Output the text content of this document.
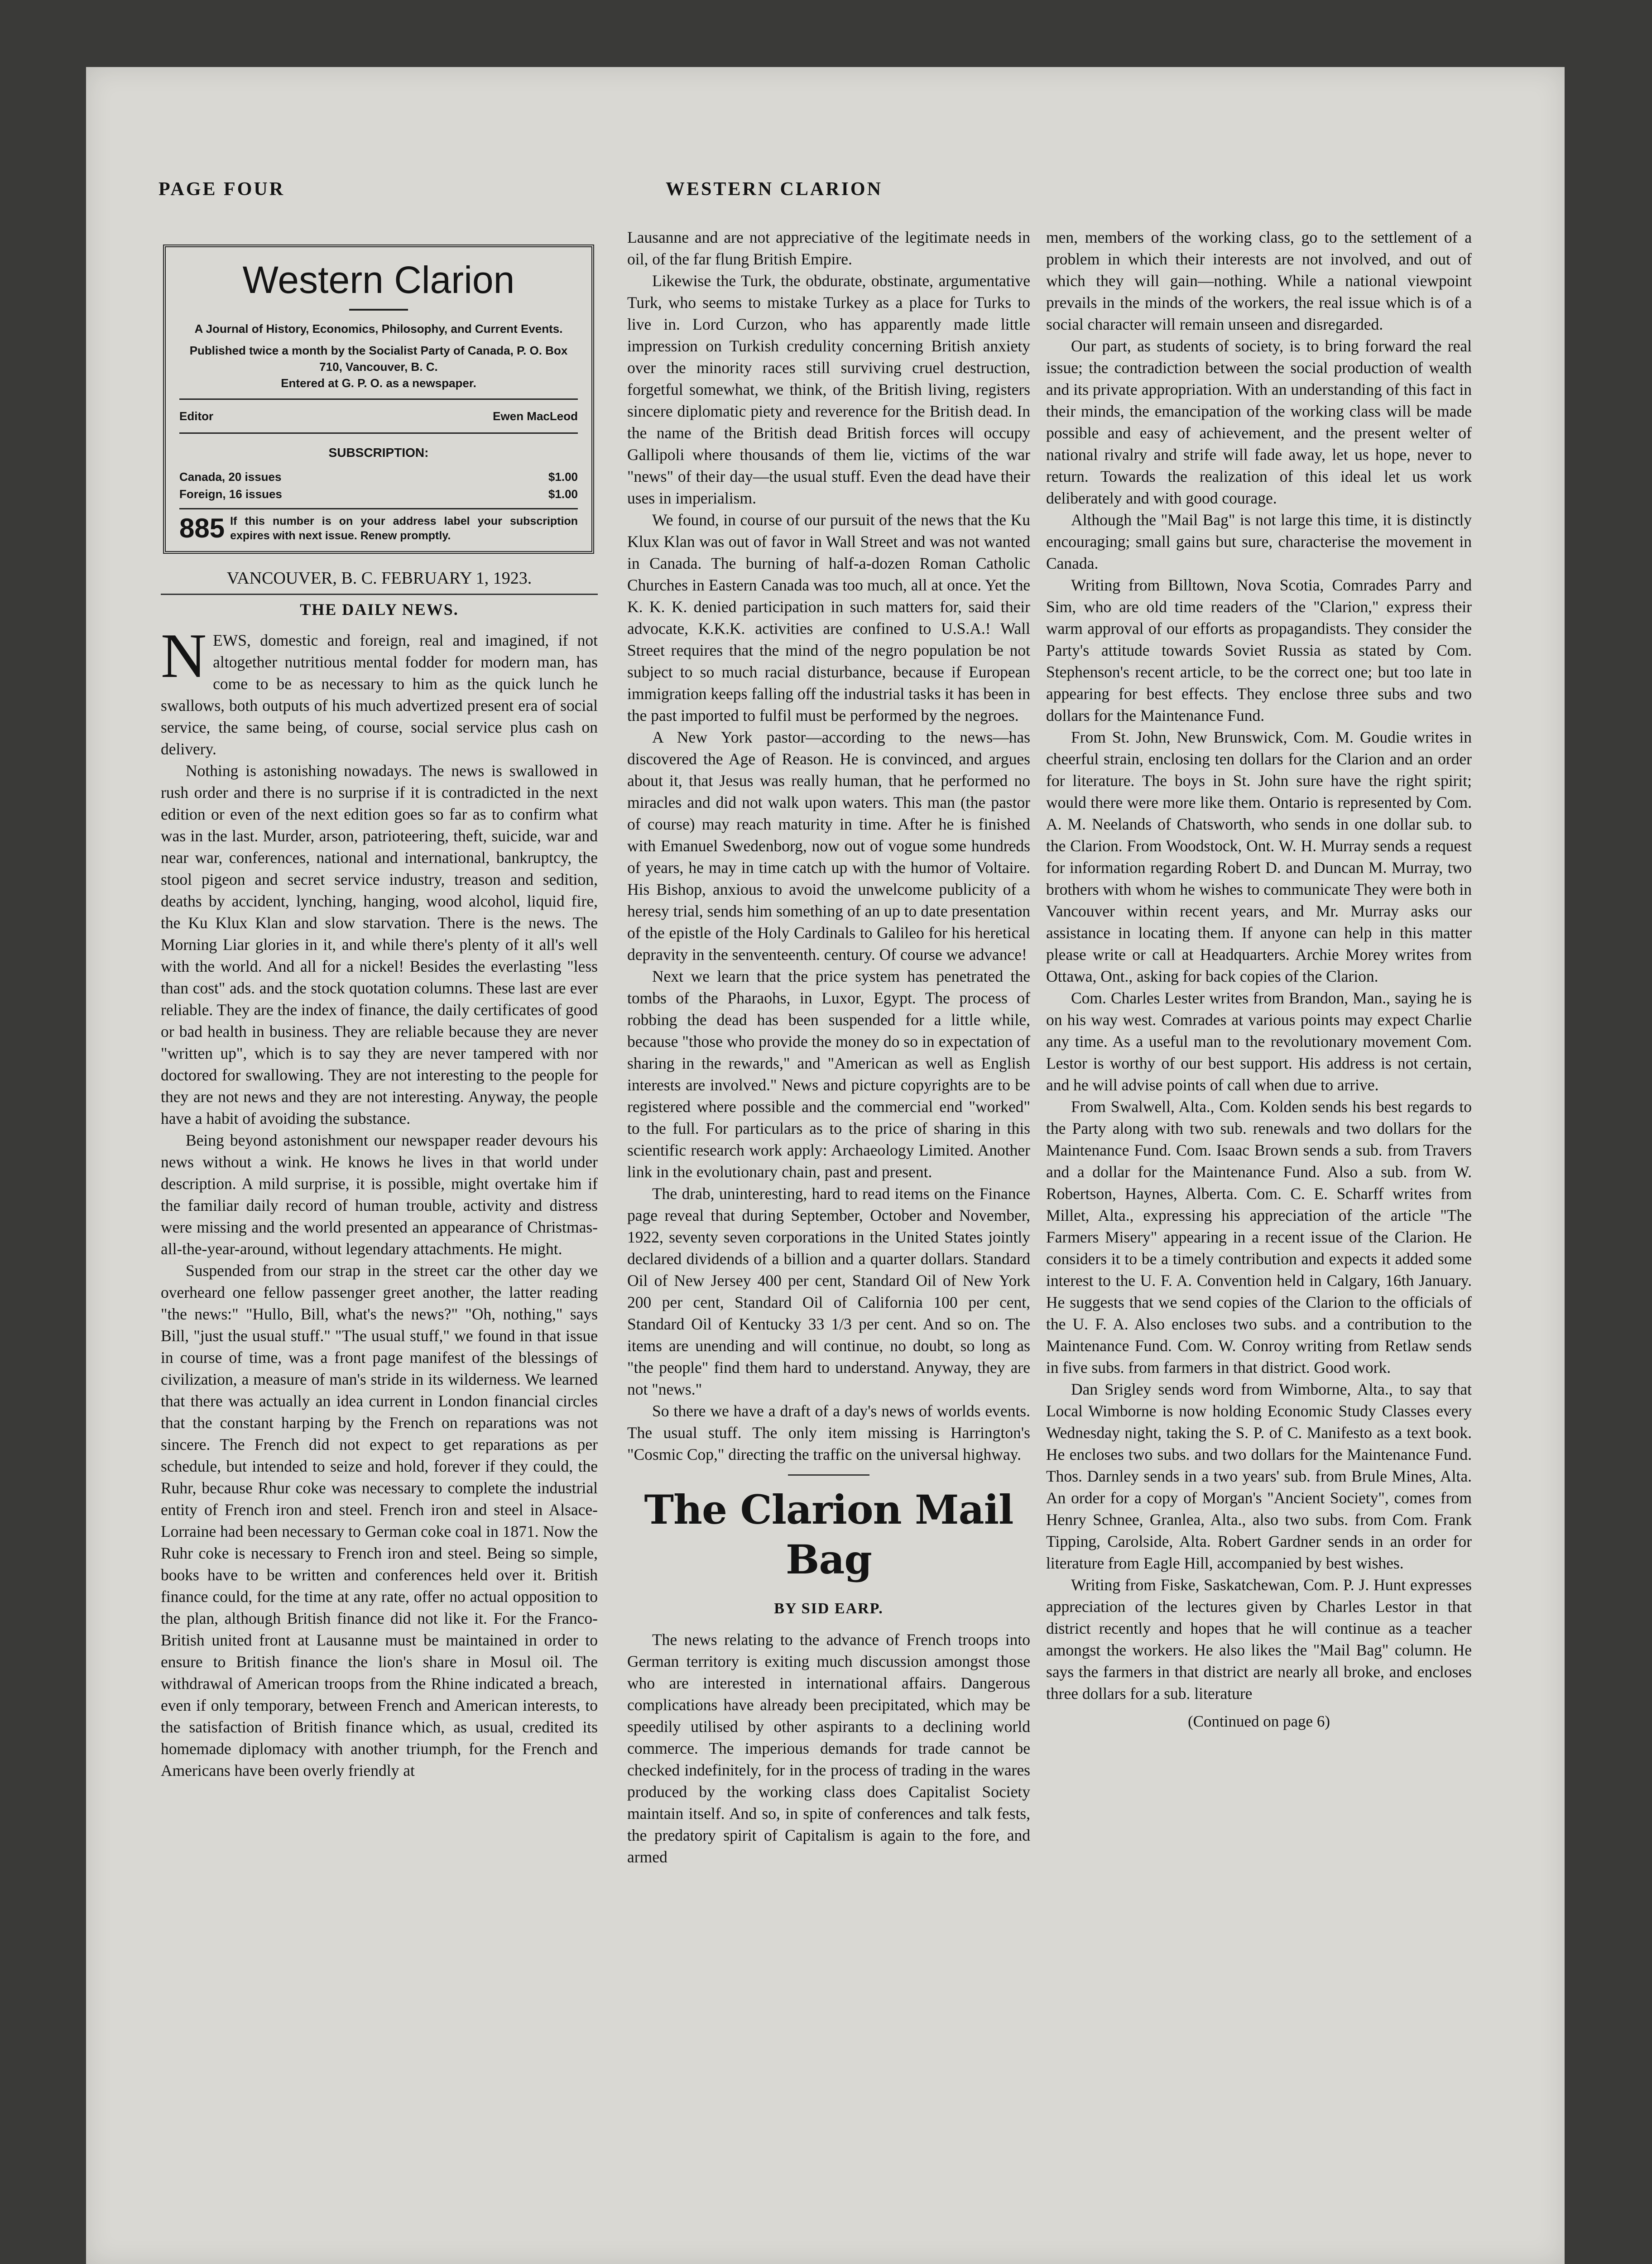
PAGE FOUR	WESTERN CLARION
Western Clarion
A Journal of History, Economics, Philosophy, and Current Events.
Published twice a month by the Socialist Party of Canada, P. O. Box 710, Vancouver, B. C.
Entered at G. P. O. as a newspaper.
Editor	Ewen MacLeod
SUBSCRIPTION:
Canada, 20 issues	$1.00
Foreign, 16 issues	$1.00
885 If this number is on your address label your subscription expires with next issue. Renew promptly.
VANCOUVER, B. C. FEBRUARY 1, 1923.
THE DAILY NEWS.

NEWS, domestic and foreign, real and imagined, if not altogether nutritious mental fodder for modern man, has come to be as necessary to him as the quick lunch he swallows, both outputs of his much advertized present era of social service, the same being, of course, social service plus cash on delivery.

Nothing is astonishing nowadays. The news is swallowed in rush order and there is no surprise if it is contradicted in the next edition or even of the next edition goes so far as to confirm what was in the last. Murder, arson, patrioteering, theft, suicide, war and near war, conferences, national and international, bankruptcy, the stool pigeon and secret service industry, treason and sedition, deaths by accident, lynching, hanging, wood alcohol, liquid fire, the Ku Klux Klan and slow starvation. There is the news. The Morning Liar glories in it, and while there's plenty of it all's well with the world. And all for a nickel! Besides the everlasting "less than cost" ads. and the stock quotation columns. These last are ever reliable. They are the index of finance, the daily certificates of good or bad health in business. They are reliable because they are never "written up", which is to say they are never tampered with nor doctored for swallowing. They are not interesting to the people for they are not news and they are not interesting. Anyway, the people have a habit of avoiding the substance.

Being beyond astonishment our newspaper reader devours his news without a wink. He knows he lives in that world under description. A mild surprise, it is possible, might overtake him if the familiar daily record of human trouble, activity and distress were missing and the world presented an appearance of Christmas-all-the-year-around, without legendary attachments. He might.

Suspended from our strap in the street car the other day we overheard one fellow passenger greet another, the latter reading "the news:" "Hullo, Bill, what's the news?" "Oh, nothing," says Bill, "just the usual stuff." "The usual stuff," we found in that issue in course of time, was a front page manifest of the blessings of civilization, a measure of man's stride in its wilderness. We learned that there was actually an idea current in London financial circles that the constant harping by the French on reparations was not sincere. The French did not expect to get reparations as per schedule, but intended to seize and hold, forever if they could, the Ruhr, because Rhur coke was necessary to complete the industrial entity of French iron and steel. French iron and steel in Alsace-Lorraine had been necessary to German coke coal in 1871. Now the Ruhr coke is necessary to French iron and steel. Being so simple, books have to be written and conferences held over it. British finance could, for the time at any rate, offer no actual opposition to the plan, although British finance did not like it. For the Franco-British united front at Lausanne must be maintained in order to ensure to British finance the lion's share in Mosul oil. The withdrawal of American troops from the Rhine indicated a breach, even if only temporary, between French and American interests, to the satisfaction of British finance which, as usual, credited its homemade diplomacy with another triumph, for the French and Americans have been overly friendly at

Lausanne and are not appreciative of the legitimate needs in oil, of the far flung British Empire.

Likewise the Turk, the obdurate, obstinate, argumentative Turk, who seems to mistake Turkey as a place for Turks to live in. Lord Curzon, who has apparently made little impression on Turkish credulity concerning British anxiety over the minority races still surviving cruel destruction, forgetful somewhat, we think, of the British living, registers sincere diplomatic piety and reverence for the British dead. In the name of the British dead British forces will occupy Gallipoli where thousands of them lie, victims of the war "news" of their day—the usual stuff. Even the dead have their uses in imperialism.

We found, in course of our pursuit of the news that the Ku Klux Klan was out of favor in Wall Street and was not wanted in Canada. The burning of half-a-dozen Roman Catholic Churches in Eastern Canada was too much, all at once. Yet the K. K. K. denied participation in such matters for, said their advocate, K.K.K. activities are confined to U.S.A.! Wall Street requires that the mind of the negro population be not subject to so much racial disturbance, because if European immigration keeps falling off the industrial tasks it has been in the past imported to fulfil must be performed by the negroes.

A New York pastor—according to the news—has discovered the Age of Reason. He is convinced, and argues about it, that Jesus was really human, that he performed no miracles and did not walk upon waters. This man (the pastor of course) may reach maturity in time. After he is finished with Emanuel Swedenborg, now out of vogue some hundreds of years, he may in time catch up with the humor of Voltaire. His Bishop, anxious to avoid the unwelcome publicity of a heresy trial, sends him something of an up to date presentation of the epistle of the Holy Cardinals to Galileo for his heretical depravity in the senventeenth. century. Of course we advance!

Next we learn that the price system has penetrated the tombs of the Pharaohs, in Luxor, Egypt. The process of robbing the dead has been suspended for a little while, because "those who provide the money do so in expectation of sharing in the rewards," and "American as well as English interests are involved." News and picture copyrights are to be registered where possible and the commercial end "worked" to the full. For particulars as to the price of sharing in this scientific research work apply: Archaeology Limited. Another link in the evolutionary chain, past and present.

The drab, uninteresting, hard to read items on the Finance page reveal that during September, October and November, 1922, seventy seven corporations in the United States jointly declared dividends of a billion and a quarter dollars. Standard Oil of New Jersey 400 per cent, Standard Oil of New York 200 per cent, Standard Oil of California 100 per cent, Standard Oil of Kentucky 33 1/3 per cent. And so on. The items are unending and will continue, no doubt, so long as "the people" find them hard to understand. Anyway, they are not "news."

So there we have a draft of a day's news of worlds events. The usual stuff. The only item missing is Harrington's "Cosmic Cop," directing the traffic on the universal highway.

The Clarion Mail Bag
BY SID EARP.

The news relating to the advance of French troops into German territory is exiting much discussion amongst those who are interested in international affairs. Dangerous complications have already been precipitated, which may be speedily utilised by other aspirants to a declining world commerce. The imperious demands for trade cannot be checked indefinitely, for in the process of trading in the wares produced by the working class does Capitalist Society maintain itself. And so, in spite of conferences and talk fests, the predatory spirit of Capitalism is again to the fore, and armed

men, members of the working class, go to the settlement of a problem in which their interests are not involved, and out of which they will gain—nothing. While a national viewpoint prevails in the minds of the workers, the real issue which is of a social character will remain unseen and disregarded.

Our part, as students of society, is to bring forward the real issue; the contradiction between the social production of wealth and its private appropriation. With an understanding of this fact in their minds, the emancipation of the working class will be made possible and easy of achievement, and the present welter of national rivalry and strife will fade away, let us hope, never to return. Towards the realization of this ideal let us work deliberately and with good courage.

Although the "Mail Bag" is not large this time, it is distinctly encouraging; small gains but sure, characterise the movement in Canada.

Writing from Billtown, Nova Scotia, Comrades Parry and Sim, who are old time readers of the "Clarion," express their warm approval of our efforts as propagandists. They consider the Party's attitude towards Soviet Russia as stated by Com. Stephenson's recent article, to be the correct one; but too late in appearing for best effects. They enclose three subs and two dollars for the Maintenance Fund.

From St. John, New Brunswick, Com. M. Goudie writes in cheerful strain, enclosing ten dollars for the Clarion and an order for literature. The boys in St. John sure have the right spirit; would there were more like them. Ontario is represented by Com. A. M. Neelands of Chatsworth, who sends in one dollar sub. to the Clarion. From Woodstock, Ont. W. H. Murray sends a request for information regarding Robert D. and Duncan M. Murray, two brothers with whom he wishes to communicate They were both in Vancouver within recent years, and Mr. Murray asks our assistance in locating them. If anyone can help in this matter please write or call at Headquarters. Archie Morey writes from Ottawa, Ont., asking for back copies of the Clarion.

Com. Charles Lester writes from Brandon, Man., saying he is on his way west. Comrades at various points may expect Charlie any time. As a useful man to the revolutionary movement Com. Lestor is worthy of our best support. His address is not certain, and he will advise points of call when due to arrive.

From Swalwell, Alta., Com. Kolden sends his best regards to the Party along with two sub. renewals and two dollars for the Maintenance Fund. Com. Isaac Brown sends a sub. from Travers and a dollar for the Maintenance Fund. Also a sub. from W. Robertson, Haynes, Alberta. Com. C. E. Scharff writes from Millet, Alta., expressing his appreciation of the article "The Farmers Misery" appearing in a recent issue of the Clarion. He considers it to be a timely contribution and expects it added some interest to the U. F. A. Convention held in Calgary, 16th January. He suggests that we send copies of the Clarion to the officials of the U. F. A. Also encloses two subs. and a contribution to the Maintenance Fund. Com. W. Conroy writing from Retlaw sends in five subs. from farmers in that district. Good work.

Dan Srigley sends word from Wimborne, Alta., to say that Local Wimborne is now holding Economic Study Classes every Wednesday night, taking the S. P. of C. Manifesto as a text book. He encloses two subs. and two dollars for the Maintenance Fund. Thos. Darnley sends in a two years' sub. from Brule Mines, Alta. An order for a copy of Morgan's "Ancient Society", comes from Henry Schnee, Granlea, Alta., also two subs. from Com. Frank Tipping, Carolside, Alta. Robert Gardner sends in an order for literature from Eagle Hill, accompanied by best wishes.

Writing from Fiske, Saskatchewan, Com. P. J. Hunt expresses appreciation of the lectures given by Charles Lestor in that district recently and hopes that he will continue as a teacher amongst the workers. He also likes the "Mail Bag" column. He says the farmers in that district are nearly all broke, and encloses three dollars for a sub. literature

(Continued on page 6)
